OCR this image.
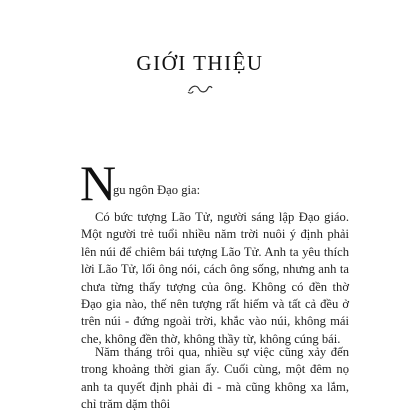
GIỚI THIỆU
N
gu ngôn Đạo gia:
Có bức tượng Lão Tử, người sáng lập Đạo giáo. Một người trẻ tuổi nhiều năm trời nuôi ý định phải lên núi để chiêm bái tượng Lão Tử. Anh ta yêu thích lời Lão Tử, lối ông nói, cách ông sống, nhưng anh ta chưa từng thấy tượng của ông. Không có đền thờ Đạo gia nào, thế nên tượng rất hiếm và tất cả đều ở trên núi - đứng ngoài trời, khắc vào núi, không mái che, không đền thờ, không thầy từ, không cúng bái.
Năm tháng trôi qua, nhiều sự việc cũng xảy đến trong khoảng thời gian ấy. Cuối cùng, một đêm nọ anh ta quyết định phải đi - mà cũng không xa lắm, chỉ trăm dặm thôi
